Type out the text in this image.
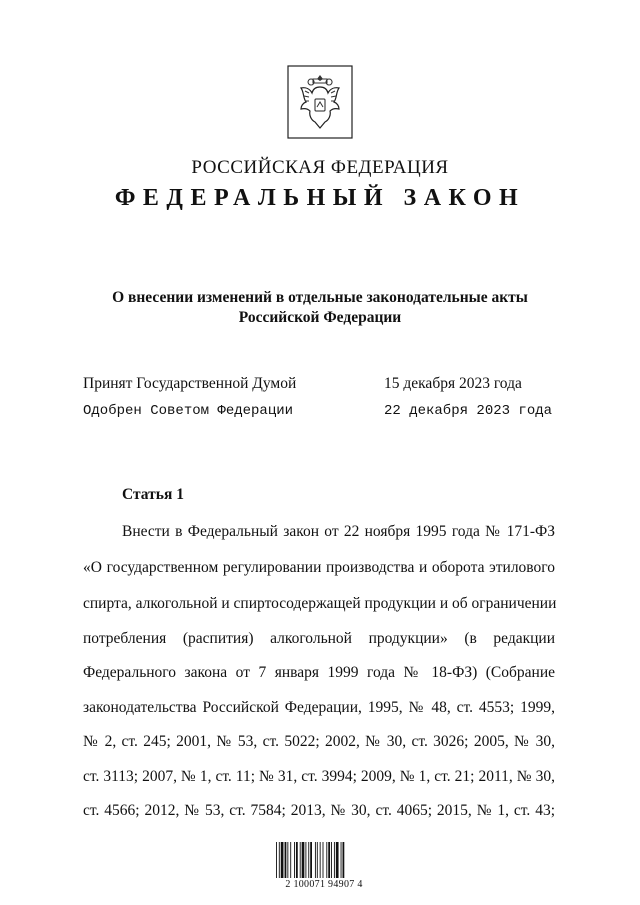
РОССИЙСКАЯ ФЕДЕРАЦИЯ
ФЕДЕРАЛЬНЫЙ ЗАКОН
О внесении изменений в отдельные законодательные акты
Российской Федерации
Принят Государственной Думой	15 декабря 2023 года
Одобрен Советом Федерации	22 декабря 2023 года
Статья 1
Внести в Федеральный закон от 22 ноября 1995 года № 171-ФЗ
«О государственном регулировании производства и оборота этилового
спирта, алкогольной и спиртосодержащей продукции и об ограничении
потребления (распития) алкогольной продукции» (в редакции
Федерального закона от 7 января 1999 года № 18-ФЗ) (Собрание
законодательства Российской Федерации, 1995, № 48, ст. 4553; 1999,
№ 2, ст. 245; 2001, № 53, ст. 5022; 2002, № 30, ст. 3026; 2005, № 30,
ст. 3113; 2007, № 1, ст. 11; № 31, ст. 3994; 2009, № 1, ст. 21; 2011, № 30,
ст. 4566; 2012, № 53, ст. 7584; 2013, № 30, ст. 4065; 2015, № 1, ст. 43;
2 100071 94907 4
